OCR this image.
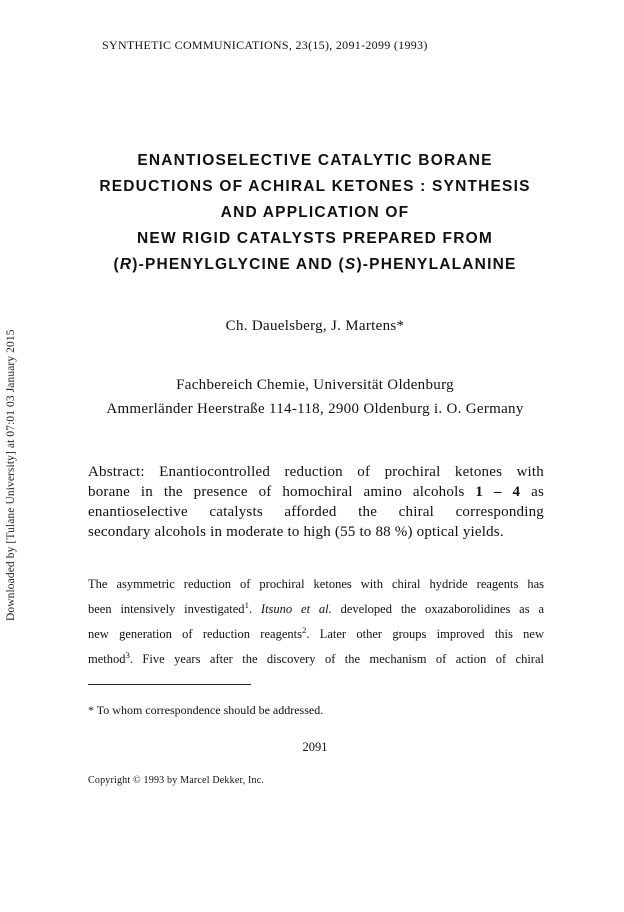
Downloaded by [Tulane University] at 07:01 03 January 2015
SYNTHETIC COMMUNICATIONS, 23(15), 2091-2099 (1993)
ENANTIOSELECTIVE CATALYTIC BORANE
REDUCTIONS OF ACHIRAL KETONES : SYNTHESIS
AND APPLICATION OF
NEW RIGID CATALYSTS PREPARED FROM
(R)-PHENYLGLYCINE AND (S)-PHENYLALANINE
Ch. Dauelsberg, J. Martens*
Fachbereich Chemie, Universität Oldenburg
Ammerländer Heerstraße 114-118, 2900 Oldenburg i. O. Germany
Abstract: Enantiocontrolled reduction of prochiral ketones with
borane in the presence of homochiral amino alcohols 1 – 4 as
enantioselective catalysts afforded the chiral corresponding
secondary alcohols in moderate to high (55 to 88 %) optical yields.
The asymmetric reduction of prochiral ketones with chiral hydride reagents has
been intensively investigated$^1$. Itsuno et al. developed the oxazaborolidines as a
new generation of reduction reagents$^2$. Later other groups improved this new
method$^3$. Five years after the discovery of the mechanism of action of chiral
* To whom correspondence should be addressed.
2091
Copyright © 1993 by Marcel Dekker, Inc.
